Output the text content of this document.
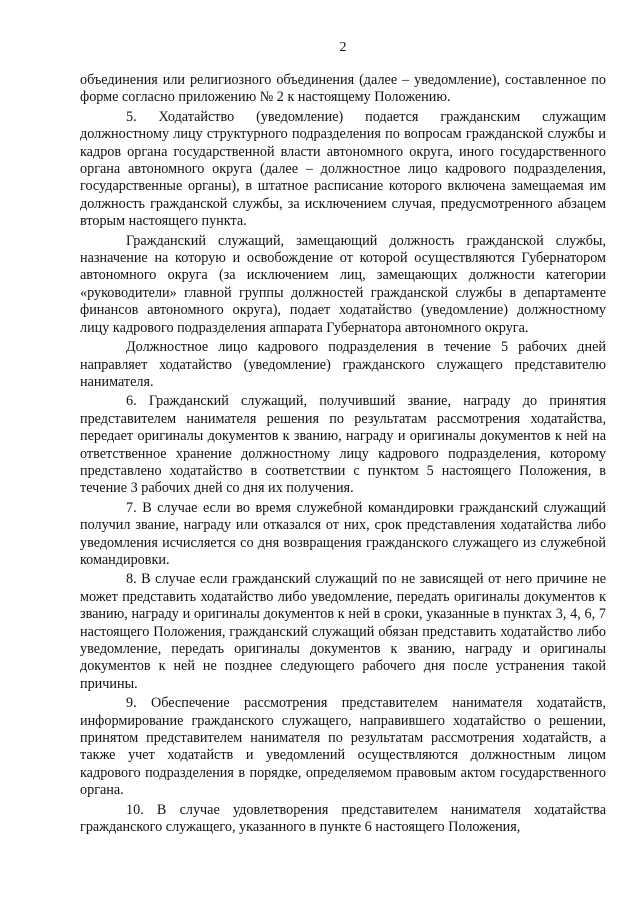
2

объединения или религиозного объединения (далее – уведомление), составленное по форме согласно приложению № 2 к настоящему Положению.

5. Ходатайство (уведомление) подается гражданским служащим должностному лицу структурного подразделения по вопросам гражданской службы и кадров органа государственной власти автономного округа, иного государственного органа автономного округа (далее – должностное лицо кадрового подразделения, государственные органы), в штатное расписание которого включена замещаемая им должность гражданской службы, за исключением случая, предусмотренного абзацем вторым настоящего пункта.

Гражданский служащий, замещающий должность гражданской службы, назначение на которую и освобождение от которой осуществляются Губернатором автономного округа (за исключением лиц, замещающих должности категории «руководители» главной группы должностей гражданской службы в департаменте финансов автономного округа), подает ходатайство (уведомление) должностному лицу кадрового подразделения аппарата Губернатора автономного округа.

Должностное лицо кадрового подразделения в течение 5 рабочих дней направляет ходатайство (уведомление) гражданского служащего представителю нанимателя.

6. Гражданский служащий, получивший звание, награду до принятия представителем нанимателя решения по результатам рассмотрения ходатайства, передает оригиналы документов к званию, награду и оригиналы документов к ней на ответственное хранение должностному лицу кадрового подразделения, которому представлено ходатайство в соответствии с пунктом 5 настоящего Положения, в течение 3 рабочих дней со дня их получения.

7. В случае если во время служебной командировки гражданский служащий получил звание, награду или отказался от них, срок представления ходатайства либо уведомления исчисляется со дня возвращения гражданского служащего из служебной командировки.

8. В случае если гражданский служащий по не зависящей от него причине не может представить ходатайство либо уведомление, передать оригиналы документов к званию, награду и оригиналы документов к ней в сроки, указанные в пунктах 3, 4, 6, 7 настоящего Положения, гражданский служащий обязан представить ходатайство либо уведомление, передать оригиналы документов к званию, награду и оригиналы документов к ней не позднее следующего рабочего дня после устранения такой причины.

9. Обеспечение рассмотрения представителем нанимателя ходатайств, информирование гражданского служащего, направившего ходатайство о решении, принятом представителем нанимателя по результатам рассмотрения ходатайств, а также учет ходатайств и уведомлений осуществляются должностным лицом кадрового подразделения в порядке, определяемом правовым актом государственного органа.

10. В случае удовлетворения представителем нанимателя ходатайства гражданского служащего, указанного в пункте 6 настоящего Положения,
